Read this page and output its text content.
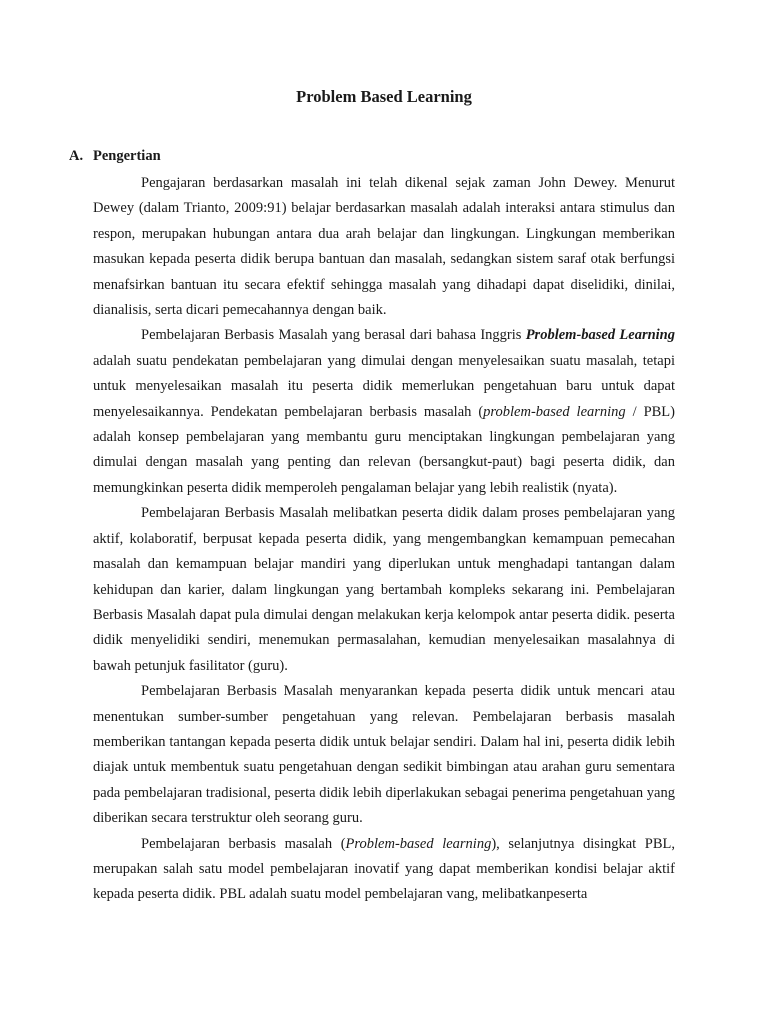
Problem Based Learning
A. Pengertian

Pengajaran berdasarkan masalah ini telah dikenal sejak zaman John Dewey. Menurut Dewey (dalam Trianto, 2009:91) belajar berdasarkan masalah adalah interaksi antara stimulus dan respon, merupakan hubungan antara dua arah belajar dan lingkungan. Lingkungan memberikan masukan kepada peserta didik berupa bantuan dan masalah, sedangkan sistem saraf otak berfungsi menafsirkan bantuan itu secara efektif sehingga masalah yang dihadapi dapat diselidiki, dinilai, dianalisis, serta dicari pemecahannya dengan baik.

Pembelajaran Berbasis Masalah yang berasal dari bahasa Inggris Problem-based Learning adalah suatu pendekatan pembelajaran yang dimulai dengan menyelesaikan suatu masalah, tetapi untuk menyelesaikan masalah itu peserta didik memerlukan pengetahuan baru untuk dapat menyelesaikannya. Pendekatan pembelajaran berbasis masalah (problem-based learning / PBL) adalah konsep pembelajaran yang membantu guru menciptakan lingkungan pembelajaran yang dimulai dengan masalah yang penting dan relevan (bersangkut-paut) bagi peserta didik, dan memungkinkan peserta didik memperoleh pengalaman belajar yang lebih realistik (nyata).

Pembelajaran Berbasis Masalah melibatkan peserta didik dalam proses pembelajaran yang aktif, kolaboratif, berpusat kepada peserta didik, yang mengembangkan kemampuan pemecahan masalah dan kemampuan belajar mandiri yang diperlukan untuk menghadapi tantangan dalam kehidupan dan karier, dalam lingkungan yang bertambah kompleks sekarang ini. Pembelajaran Berbasis Masalah dapat pula dimulai dengan melakukan kerja kelompok antar peserta didik. peserta didik menyelidiki sendiri, menemukan permasalahan, kemudian menyelesaikan masalahnya di bawah petunjuk fasilitator (guru).

Pembelajaran Berbasis Masalah menyarankan kepada peserta didik untuk mencari atau menentukan sumber-sumber pengetahuan yang relevan. Pembelajaran berbasis masalah memberikan tantangan kepada peserta didik untuk belajar sendiri. Dalam hal ini, peserta didik lebih diajak untuk membentuk suatu pengetahuan dengan sedikit bimbingan atau arahan guru sementara pada pembelajaran tradisional, peserta didik lebih diperlakukan sebagai penerima pengetahuan yang diberikan secara terstruktur oleh seorang guru.

Pembelajaran berbasis masalah (Problem-based learning), selanjutnya disingkat PBL, merupakan salah satu model pembelajaran inovatif yang dapat memberikan kondisi belajar aktif kepada peserta didik. PBL adalah suatu model pembelajaran vang, melibatkanpeserta
